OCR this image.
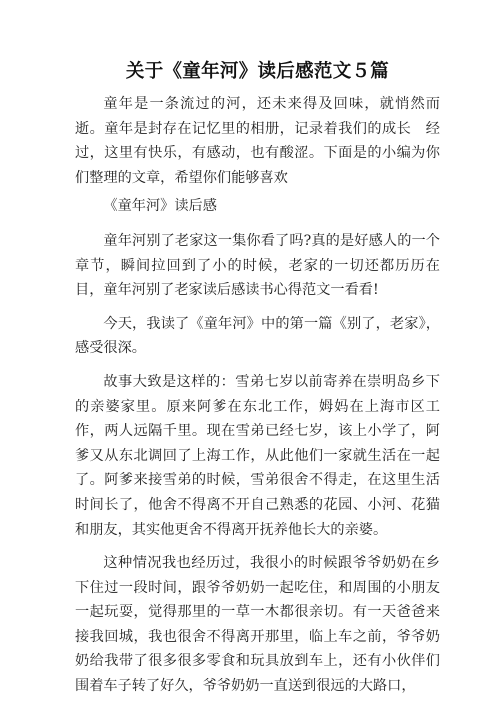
关于《童年河》读后感范文５篇

童年是一条流过的河，还未来得及回味，就悄然而逝。童年是封存在记忆里的相册，记录着我们的成长　经过，这里有快乐，有感动，也有酸涩。下面是的小编为你们整理的文章，希望你们能够喜欢

《童年河》读后感

童年河别了老家这一集你看了吗?真的是好感人的一个章节，瞬间拉回到了小的时候，老家的一切还都历历在目，童年河别了老家读后感读书心得范文一看看!

今天，我读了《童年河》中的第一篇《别了，老家》，感受很深。

故事大致是这样的：雪弟七岁以前寄养在崇明岛乡下的亲婆家里。原来阿爹在东北工作，姆妈在上海市区工作，两人远隔千里。现在雪弟已经七岁，该上小学了，阿爹又从东北调回了上海工作，从此他们一家就生活在一起了。阿爹来接雪弟的时候，雪弟很舍不得走，在这里生活时间长了，他舍不得离不开自己熟悉的花园、小河、花猫和朋友，其实他更舍不得离开抚养他长大的亲婆。

这种情况我也经历过，我很小的时候跟爷爷奶奶在乡下住过一段时间，跟爷爷奶奶一起吃住，和周围的小朋友一起玩耍，觉得那里的一草一木都很亲切。有一天爸爸来接我回城，我也很舍不得离开那里，临上车之前，爷爷奶奶给我带了很多很多零食和玩具放到车上，还有小伙伴们围着车子转了好久，爷爷奶奶一直送到很远的大路口，
